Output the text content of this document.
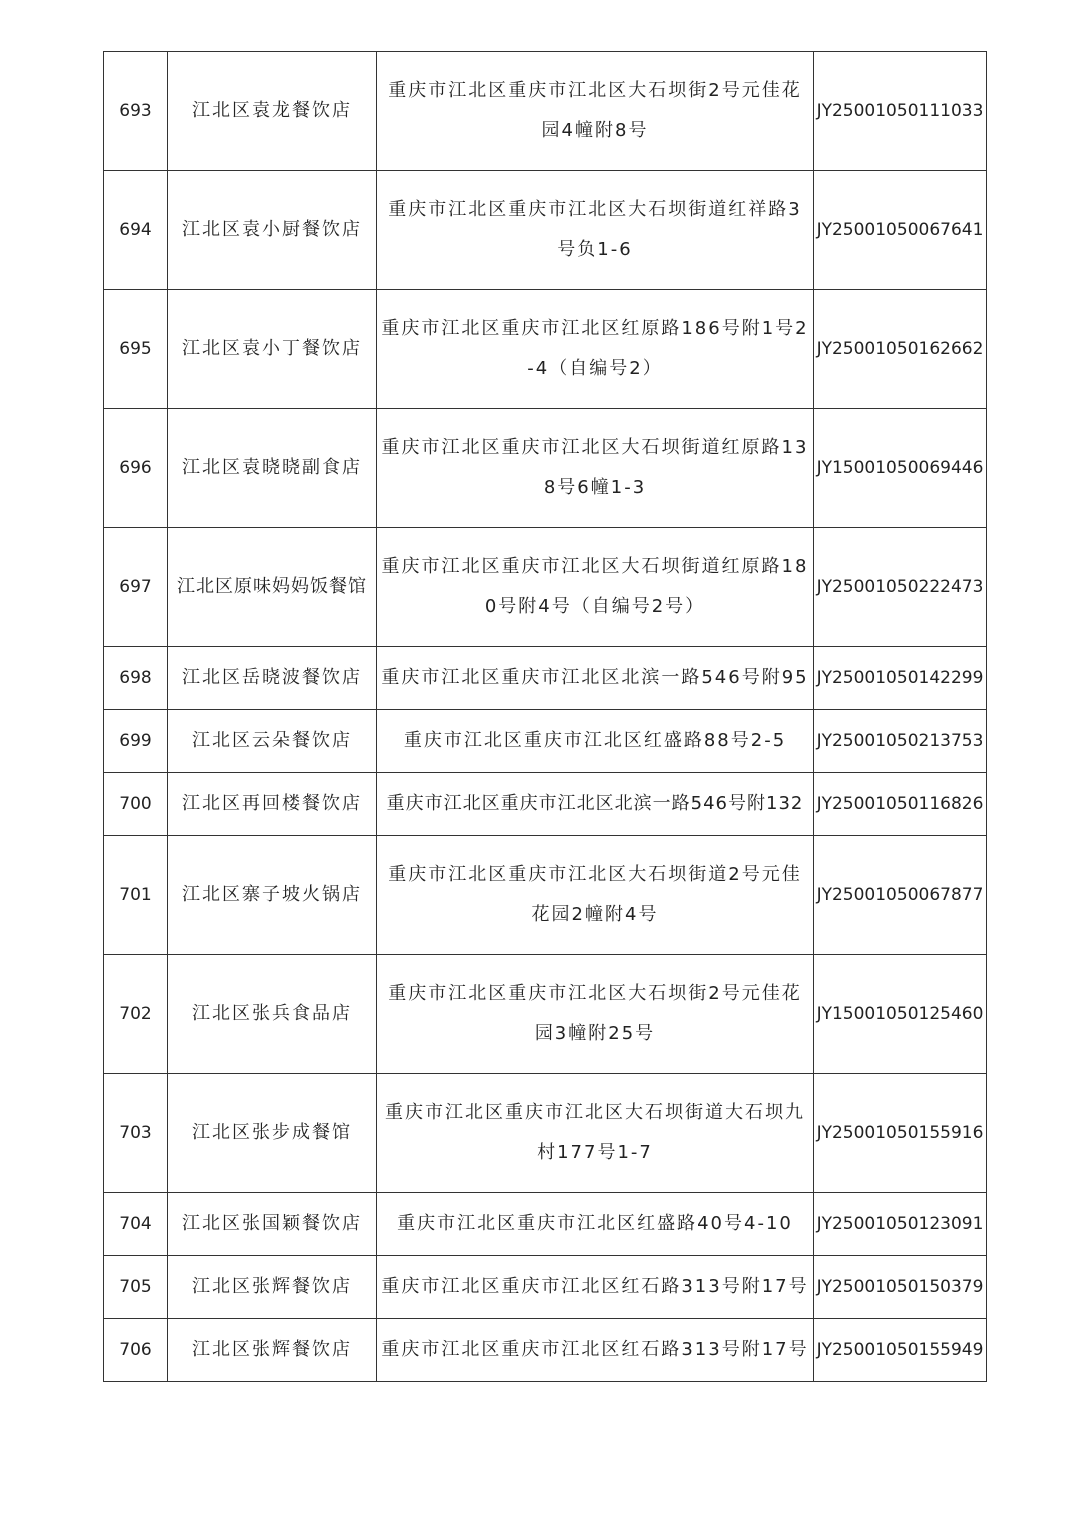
693	江北区袁龙餐饮店	重庆市江北区重庆市江北区大石坝街2号元佳花园4幢附8号	JY25001050111033
694	江北区袁小厨餐饮店	重庆市江北区重庆市江北区大石坝街道红祥路3号负1-6	JY25001050067641
695	江北区袁小丁餐饮店	重庆市江北区重庆市江北区红原路186号附1号2-4（自编号2）	JY25001050162662
696	江北区袁晓晓副食店	重庆市江北区重庆市江北区大石坝街道红原路138号6幢1-3	JY15001050069446
697	江北区原味妈妈饭餐馆	重庆市江北区重庆市江北区大石坝街道红原路180号附4号（自编号2号）	JY25001050222473
698	江北区岳晓波餐饮店	重庆市江北区重庆市江北区北滨一路546号附95	JY25001050142299
699	江北区云朵餐饮店	重庆市江北区重庆市江北区红盛路88号2-5	JY25001050213753
700	江北区再回楼餐饮店	重庆市江北区重庆市江北区北滨一路546号附132	JY25001050116826
701	江北区寨子坡火锅店	重庆市江北区重庆市江北区大石坝街道2号元佳花园2幢附4号	JY25001050067877
702	江北区张兵食品店	重庆市江北区重庆市江北区大石坝街2号元佳花园3幢附25号	JY15001050125460
703	江北区张步成餐馆	重庆市江北区重庆市江北区大石坝街道大石坝九村177号1-7	JY25001050155916
704	江北区张国颖餐饮店	重庆市江北区重庆市江北区红盛路40号4-10	JY25001050123091
705	江北区张辉餐饮店	重庆市江北区重庆市江北区红石路313号附17号	JY25001050150379
706	江北区张辉餐饮店	重庆市江北区重庆市江北区红石路313号附17号	JY25001050155949
